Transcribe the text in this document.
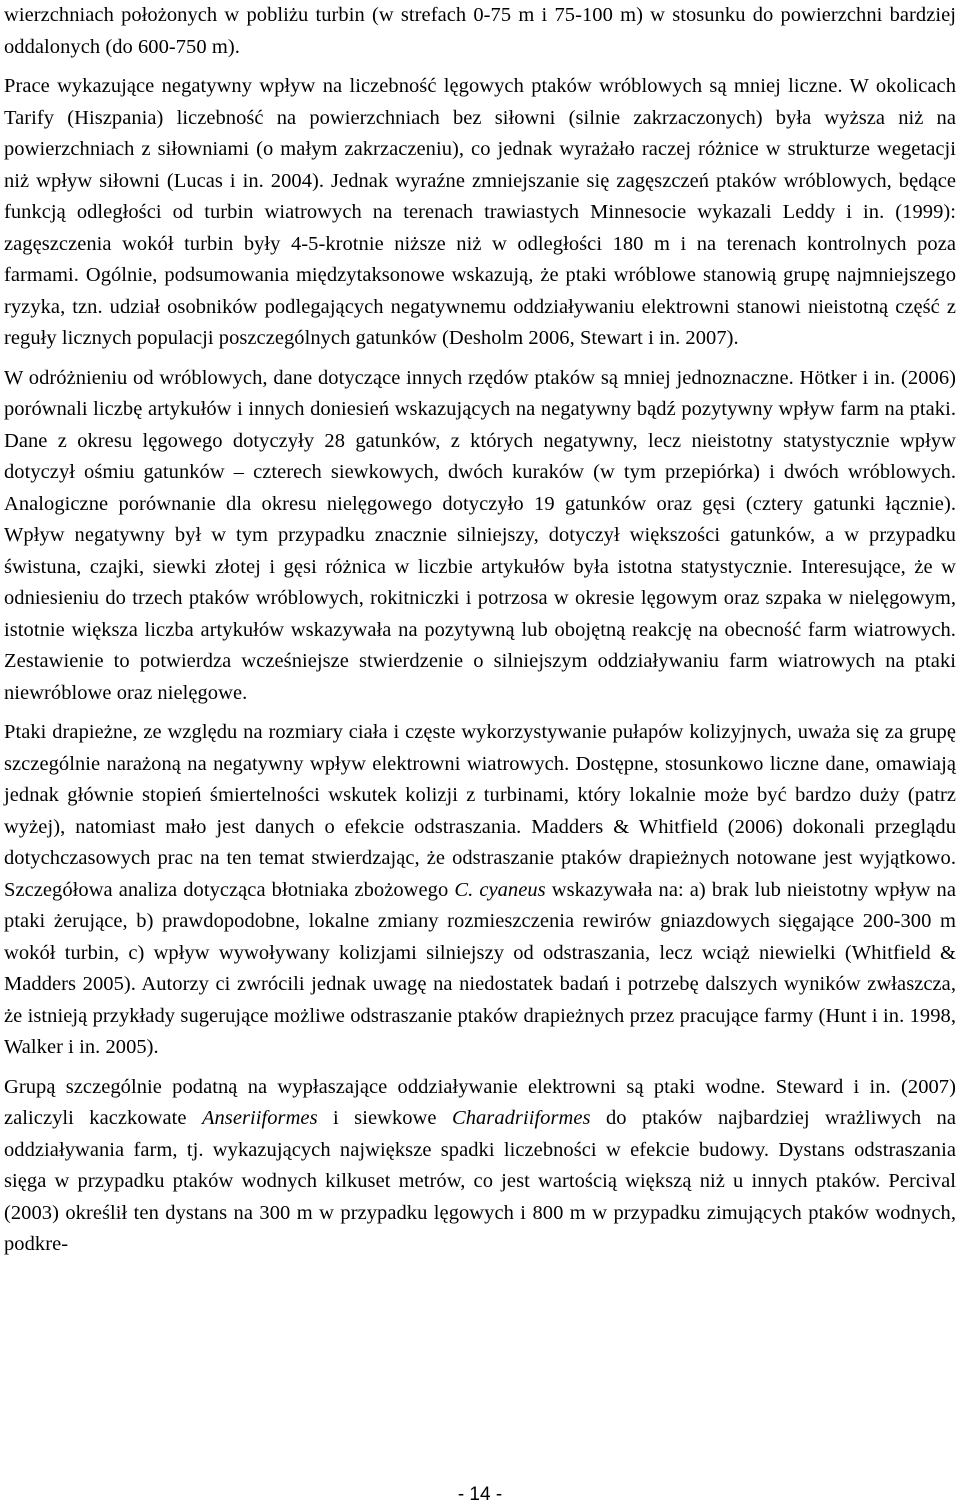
wierzchniach położonych w pobliżu turbin (w strefach 0-75 m i 75-100 m) w stosunku do powierzchni bardziej oddalonych (do 600-750 m).

Prace wykazujące negatywny wpływ na liczebność lęgowych ptaków wróblowych są mniej liczne. W okolicach Tarify (Hiszpania) liczebność na powierzchniach bez siłowni (silnie zakrzaczonych) była wyższa niż na powierzchniach z siłowniami (o małym zakrzaczeniu), co jednak wyrażało raczej różnice w strukturze wegetacji niż wpływ siłowni (Lucas i in. 2004). Jednak wyraźne zmniejszanie się zagęszczeń ptaków wróblowych, będące funkcją odległości od turbin wiatrowych na terenach trawiastych Minnesocie wykazali Leddy i in. (1999): zagęszczenia wokół turbin były 4-5-krotnie niższe niż w odległości 180 m i na terenach kontrolnych poza farmami. Ogólnie, podsumowania międzytaksonowe wskazują, że ptaki wróblowe stanowią grupę najmniejszego ryzyka, tzn. udział osobników podlegających negatywnemu oddziaływaniu elektrowni stanowi nieistotną część z reguły licznych populacji poszczególnych gatunków (Desholm 2006, Stewart i in. 2007).

W odróżnieniu od wróblowych, dane dotyczące innych rzędów ptaków są mniej jednoznaczne. Hötker i in. (2006) porównali liczbę artykułów i innych doniesień wskazujących na negatywny bądź pozytywny wpływ farm na ptaki. Dane z okresu lęgowego dotyczyły 28 gatunków, z których negatywny, lecz nieistotny statystycznie wpływ dotyczył ośmiu gatunków – czterech siewkowych, dwóch kuraków (w tym przepiórka) i dwóch wróblowych. Analogiczne porównanie dla okresu nielęgowego dotyczyło 19 gatunków oraz gęsi (cztery gatunki łącznie). Wpływ negatywny był w tym przypadku znacznie silniejszy, dotyczył większości gatunków, a w przypadku świstuna, czajki, siewki złotej i gęsi różnica w liczbie artykułów była istotna statystycznie. Interesujące, że w odniesieniu do trzech ptaków wróblowych, rokitniczki i potrzosa w okresie lęgowym oraz szpaka w nielęgowym, istotnie większa liczba artykułów wskazywała na pozytywną lub obojętną reakcję na obecność farm wiatrowych. Zestawienie to potwierdza wcześniejsze stwierdzenie o silniejszym oddziaływaniu farm wiatrowych na ptaki niewróblowe oraz nielęgowe.

Ptaki drapieżne, ze względu na rozmiary ciała i częste wykorzystywanie pułapów kolizyjnych, uważa się za grupę szczególnie narażoną na negatywny wpływ elektrowni wiatrowych. Dostępne, stosunkowo liczne dane, omawiają jednak głównie stopień śmiertelności wskutek kolizji z turbinami, który lokalnie może być bardzo duży (patrz wyżej), natomiast mało jest danych o efekcie odstraszania. Madders & Whitfield (2006) dokonali przeglądu dotychczasowych prac na ten temat stwierdzając, że odstraszanie ptaków drapieżnych notowane jest wyjątkowo. Szczegółowa analiza dotycząca błotniaka zbożowego C. cyaneus wskazywała na: a) brak lub nieistotny wpływ na ptaki żerujące, b) prawdopodobne, lokalne zmiany rozmieszczenia rewirów gniazdowych sięgające 200-300 m wokół turbin, c) wpływ wywoływany kolizjami silniejszy od odstraszania, lecz wciąż niewielki (Whitfield & Madders 2005). Autorzy ci zwrócili jednak uwagę na niedostatek badań i potrzebę dalszych wyników zwłaszcza, że istnieją przykłady sugerujące możliwe odstraszanie ptaków drapieżnych przez pracujące farmy (Hunt i in. 1998, Walker i in. 2005).

Grupą szczególnie podatną na wypłaszające oddziaływanie elektrowni są ptaki wodne. Steward i in. (2007) zaliczyli kaczkowate Anseriiformes i siewkowe Charadriiformes do ptaków najbardziej wrażliwych na oddziaływania farm, tj. wykazujących największe spadki liczebności w efekcie budowy. Dystans odstraszania sięga w przypadku ptaków wodnych kilkuset metrów, co jest wartością większą niż u innych ptaków. Percival (2003) określił ten dystans na 300 m w przypadku lęgowych i 800 m w przypadku zimujących ptaków wodnych, podkre-

- 14 -
